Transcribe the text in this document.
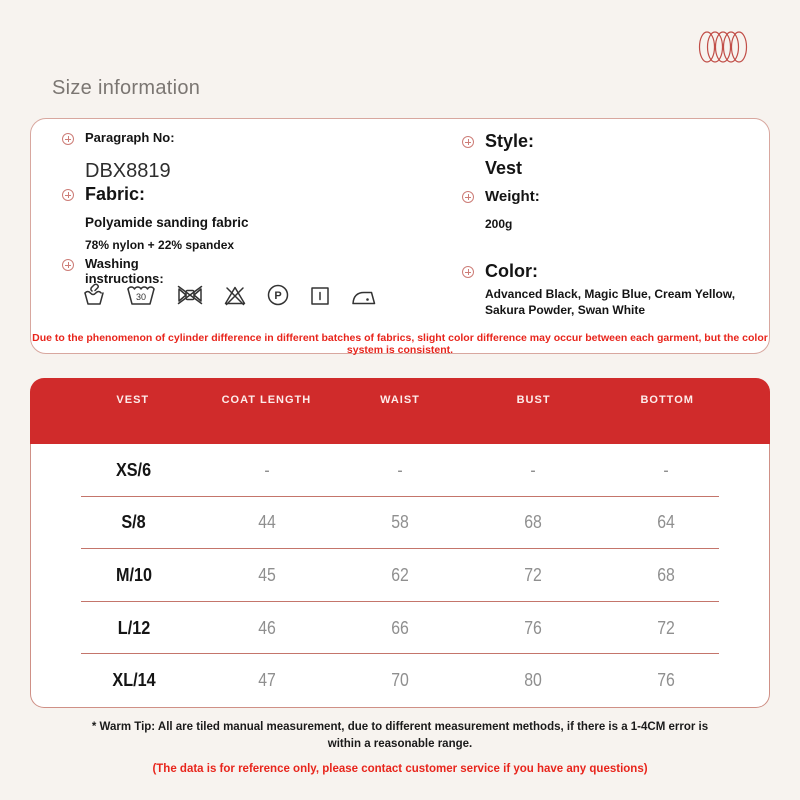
Size information
Paragraph No:
DBX8819
Fabric:
Polyamide sanding fabric
78% nylon + 22% spandex
Washing instructions:
30	P
Style:
Vest
Weight:
200g
Color:
Advanced Black, Magic Blue, Cream Yellow, Sakura Powder, Swan White
Due to the phenomenon of cylinder difference in different batches of fabrics, slight color difference may occur between each garment, but the color system is consistent.
VEST	COAT LENGTH	WAIST	BUST	BOTTOM
XS/6	-	-	-	-
S/8	44	58	68	64
M/10	45	62	72	68
L/12	46	66	76	72
XL/14	47	70	80	76
* Warm Tip: All are tiled manual measurement, due to different measurement methods, if there is a 1-4CM error is within a reasonable range.
(The data is for reference only, please contact customer service if you have any questions)
